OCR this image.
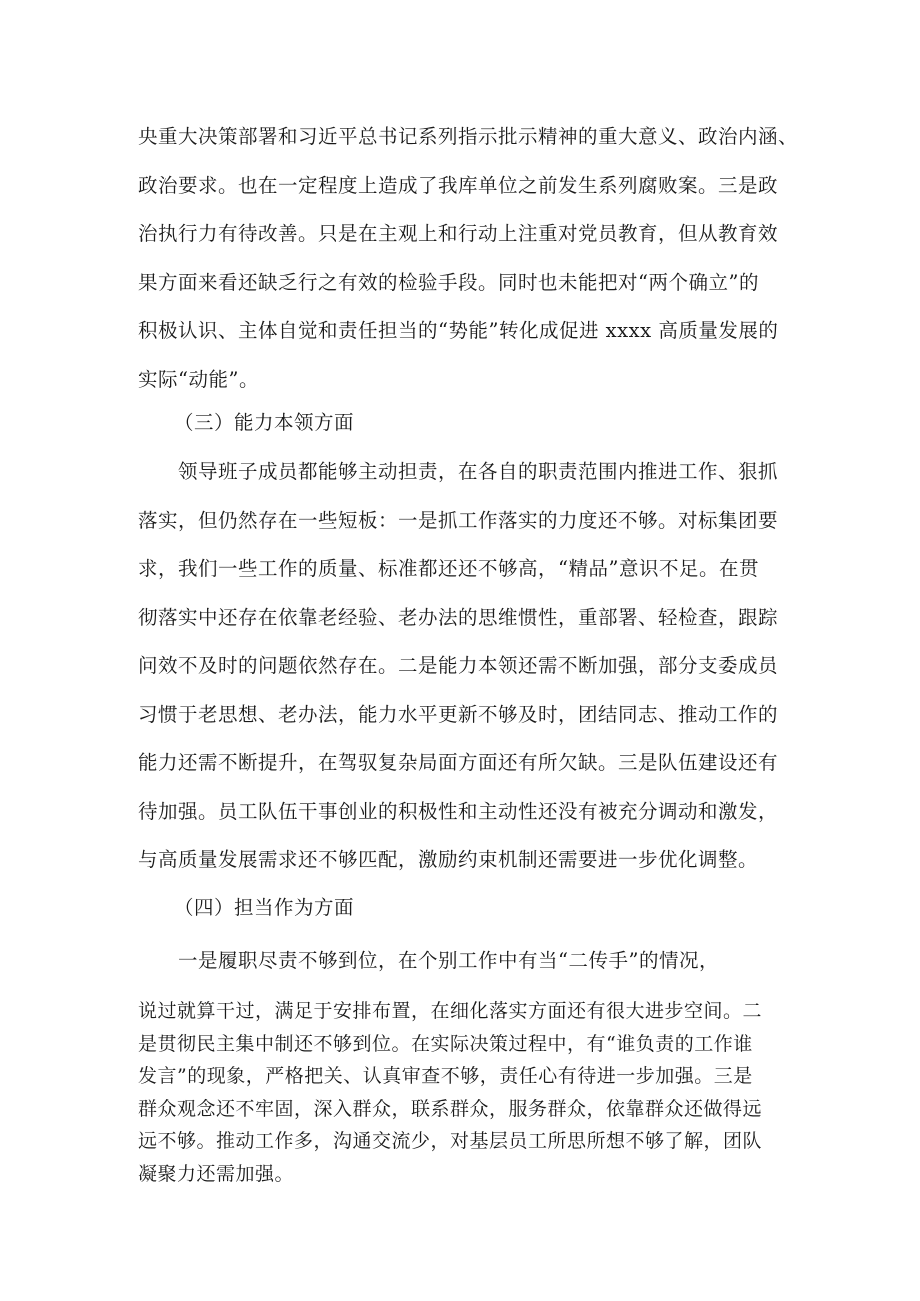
央重大决策部署和习近平总书记系列指示批示精神的重大意义、政治内涵、
政治要求。也在一定程度上造成了我库单位之前发生系列腐败案。三是政
治执行力有待改善。只是在主观上和行动上注重对党员教育，但从教育效
果方面来看还缺乏行之有效的检验手段。同时也未能把对“两个确立”的
积极认识、主体自觉和责任担当的“势能”转化成促进 xxxx 高质量发展的
实际“动能”。
（三）能力本领方面
领导班子成员都能够主动担责，在各自的职责范围内推进工作、狠抓
落实，但仍然存在一些短板：一是抓工作落实的力度还不够。对标集团要
求，我们一些工作的质量、标准都还还不够高，“精品”意识不足。在贯
彻落实中还存在依靠老经验、老办法的思维惯性，重部署、轻检查，跟踪
问效不及时的问题依然存在。二是能力本领还需不断加强，部分支委成员
习惯于老思想、老办法，能力水平更新不够及时，团结同志、推动工作的
能力还需不断提升，在驾驭复杂局面方面还有所欠缺。三是队伍建设还有
待加强。员工队伍干事创业的积极性和主动性还没有被充分调动和激发，
与高质量发展需求还不够匹配，激励约束机制还需要进一步优化调整。
（四）担当作为方面
一是履职尽责不够到位，在个别工作中有当“二传手”的情况，
说过就算干过，满足于安排布置，在细化落实方面还有很大进步空间。二
是贯彻民主集中制还不够到位。在实际决策过程中，有“谁负责的工作谁
发言”的现象，严格把关、认真审查不够，责任心有待进一步加强。三是
群众观念还不牢固，深入群众，联系群众，服务群众，依靠群众还做得远
远不够。推动工作多，沟通交流少，对基层员工所思所想不够了解，团队
凝聚力还需加强。
